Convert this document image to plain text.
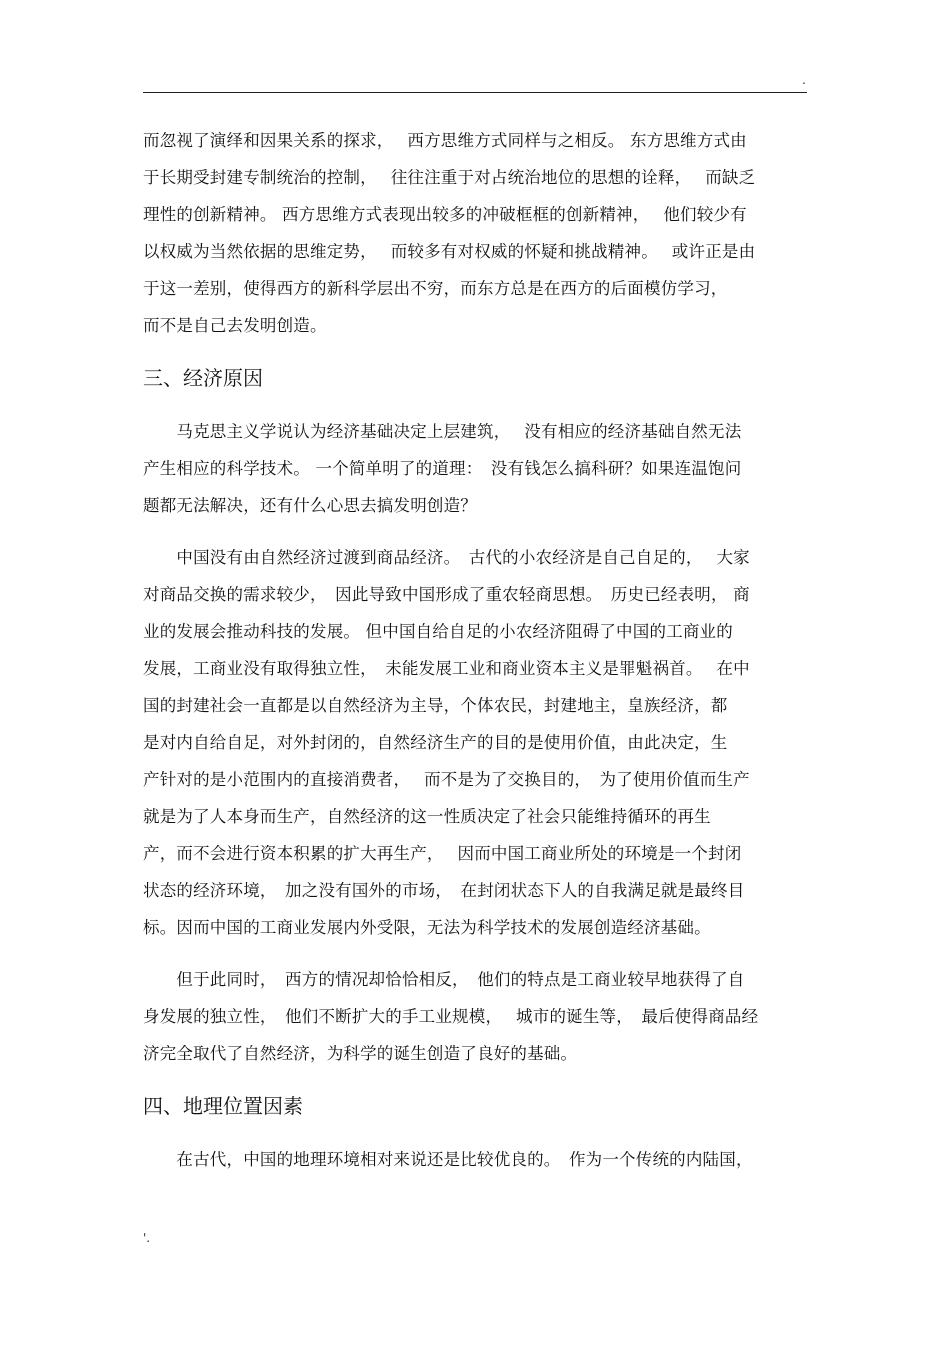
.
而忽视了演绎和因果关系的探求，　 西方思维方式同样与之相反。 东方思维方式由
于长期受封建专制统治的控制，　 往往注重于对占统治地位的思想的诠释，　 而缺乏
理性的创新精神。 西方思维方式表现出较多的冲破框框的创新精神，　 他们较少有
以权威为当然依据的思维定势，　 而较多有对权威的怀疑和挑战精神。　 或许正是由
于这一差别，使得西方的新科学层出不穷，而东方总是在西方的后面模仿学习，
而不是自己去发明创造。
三、经济原因
　　马克思主义学说认为经济基础决定上层建筑，　 没有相应的经济基础自然无法
产生相应的科学技术。 一个简单明了的道理：　没有钱怎么搞科研？如果连温饱问
题都无法解决，还有什么心思去搞发明创造？
　　中国没有由自然经济过渡到商品经济。　古代的小农经济是自己自足的，　 大家
对商品交换的需求较少，　因此导致中国形成了重农轻商思想。　历史已经表明， 商
业的发展会推动科技的发展。 但中国自给自足的小农经济阻碍了中国的工商业的
发展，工商业没有取得独立性，　未能发展工业和商业资本主义是罪魁祸首。　 在中
国的封建社会一直都是以自然经济为主导，个体农民，封建地主，皇族经济，都
是对内自给自足，对外封闭的，自然经济生产的目的是使用价值，由此决定，生
产针对的是小范围内的直接消费者，　 而不是为了交换目的，　为了使用价值而生产
就是为了人本身而生产，自然经济的这一性质决定了社会只能维持循环的再生
产，而不会进行资本积累的扩大再生产，　 因而中国工商业所处的环境是一个封闭
状态的经济环境，　加之没有国外的市场，　在封闭状态下人的自我满足就是最终目
标。因而中国的工商业发展内外受限，无法为科学技术的发展创造经济基础。
　　但于此同时，　西方的情况却恰恰相反，　他们的特点是工商业较早地获得了自
身发展的独立性，　他们不断扩大的手工业规模，　 城市的诞生等，　最后使得商品经
济完全取代了自然经济，为科学的诞生创造了良好的基础。
四、地理位置因素
　　在古代，中国的地理环境相对来说还是比较优良的。　作为一个传统的内陆国，
'.
